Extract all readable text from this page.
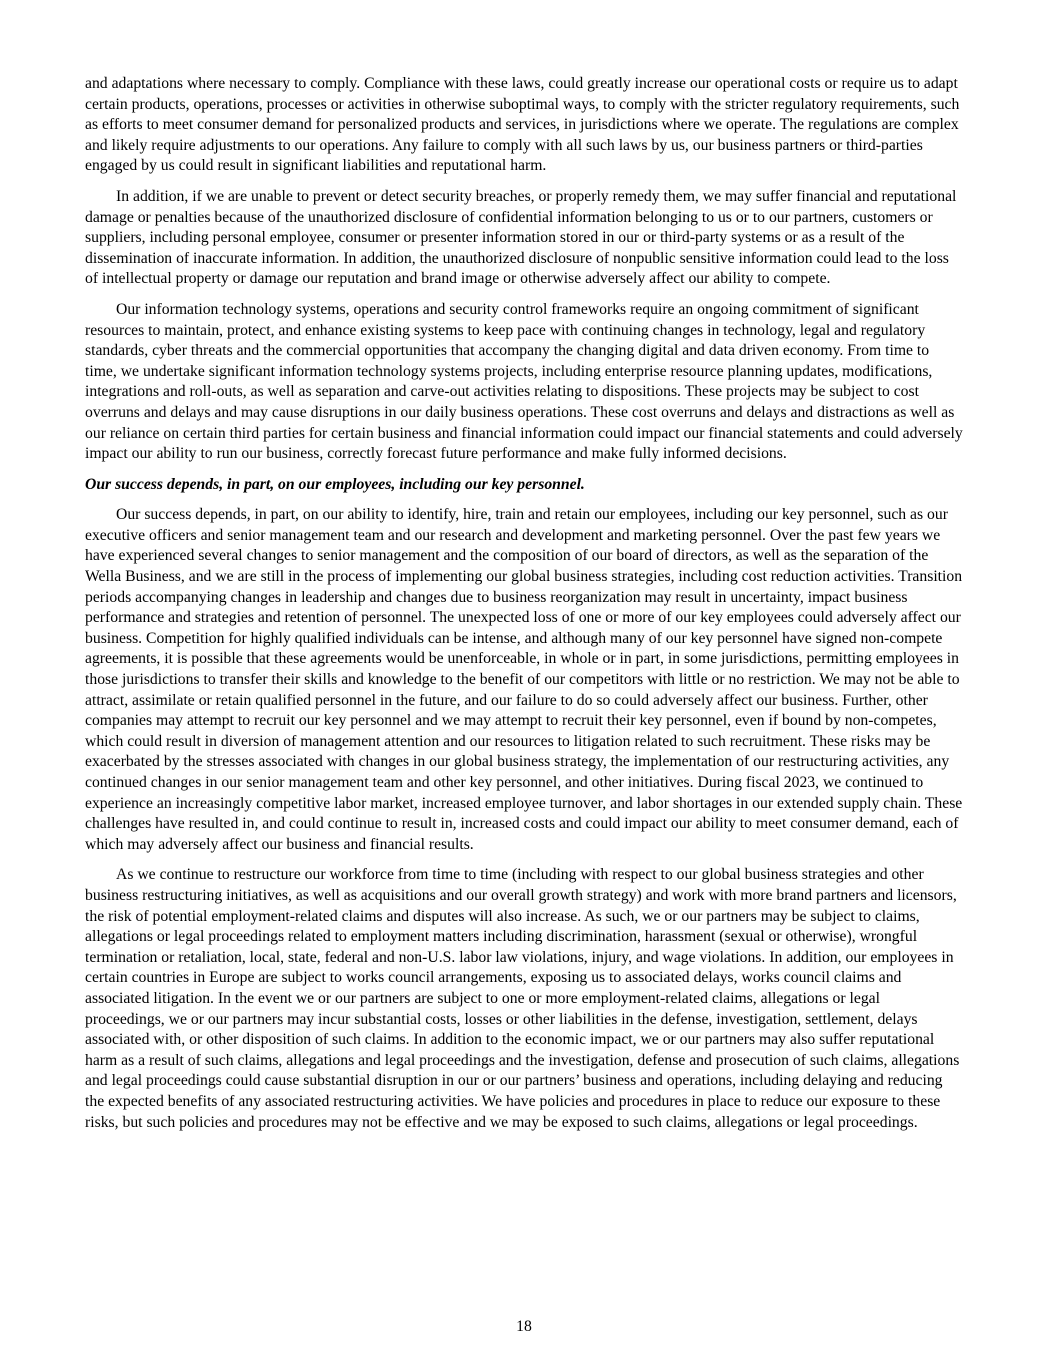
and adaptations where necessary to comply. Compliance with these laws, could greatly increase our operational costs or require us to adapt certain products, operations, processes or activities in otherwise suboptimal ways, to comply with the stricter regulatory requirements, such as efforts to meet consumer demand for personalized products and services, in jurisdictions where we operate. The regulations are complex and likely require adjustments to our operations. Any failure to comply with all such laws by us, our business partners or third-parties engaged by us could result in significant liabilities and reputational harm.

In addition, if we are unable to prevent or detect security breaches, or properly remedy them, we may suffer financial and reputational damage or penalties because of the unauthorized disclosure of confidential information belonging to us or to our partners, customers or suppliers, including personal employee, consumer or presenter information stored in our or third-party systems or as a result of the dissemination of inaccurate information. In addition, the unauthorized disclosure of nonpublic sensitive information could lead to the loss of intellectual property or damage our reputation and brand image or otherwise adversely affect our ability to compete.

Our information technology systems, operations and security control frameworks require an ongoing commitment of significant resources to maintain, protect, and enhance existing systems to keep pace with continuing changes in technology, legal and regulatory standards, cyber threats and the commercial opportunities that accompany the changing digital and data driven economy. From time to time, we undertake significant information technology systems projects, including enterprise resource planning updates, modifications, integrations and roll-outs, as well as separation and carve-out activities relating to dispositions. These projects may be subject to cost overruns and delays and may cause disruptions in our daily business operations. These cost overruns and delays and distractions as well as our reliance on certain third parties for certain business and financial information could impact our financial statements and could adversely impact our ability to run our business, correctly forecast future performance and make fully informed decisions.

Our success depends, in part, on our employees, including our key personnel.

Our success depends, in part, on our ability to identify, hire, train and retain our employees, including our key personnel, such as our executive officers and senior management team and our research and development and marketing personnel. Over the past few years we have experienced several changes to senior management and the composition of our board of directors, as well as the separation of the Wella Business, and we are still in the process of implementing our global business strategies, including cost reduction activities. Transition periods accompanying changes in leadership and changes due to business reorganization may result in uncertainty, impact business performance and strategies and retention of personnel. The unexpected loss of one or more of our key employees could adversely affect our business. Competition for highly qualified individuals can be intense, and although many of our key personnel have signed non-compete agreements, it is possible that these agreements would be unenforceable, in whole or in part, in some jurisdictions, permitting employees in those jurisdictions to transfer their skills and knowledge to the benefit of our competitors with little or no restriction. We may not be able to attract, assimilate or retain qualified personnel in the future, and our failure to do so could adversely affect our business. Further, other companies may attempt to recruit our key personnel and we may attempt to recruit their key personnel, even if bound by non-competes, which could result in diversion of management attention and our resources to litigation related to such recruitment. These risks may be exacerbated by the stresses associated with changes in our global business strategy, the implementation of our restructuring activities, any continued changes in our senior management team and other key personnel, and other initiatives. During fiscal 2023, we continued to experience an increasingly competitive labor market, increased employee turnover, and labor shortages in our extended supply chain. These challenges have resulted in, and could continue to result in, increased costs and could impact our ability to meet consumer demand, each of which may adversely affect our business and financial results.

As we continue to restructure our workforce from time to time (including with respect to our global business strategies and other business restructuring initiatives, as well as acquisitions and our overall growth strategy) and work with more brand partners and licensors, the risk of potential employment-related claims and disputes will also increase. As such, we or our partners may be subject to claims, allegations or legal proceedings related to employment matters including discrimination, harassment (sexual or otherwise), wrongful termination or retaliation, local, state, federal and non-U.S. labor law violations, injury, and wage violations. In addition, our employees in certain countries in Europe are subject to works council arrangements, exposing us to associated delays, works council claims and associated litigation. In the event we or our partners are subject to one or more employment-related claims, allegations or legal proceedings, we or our partners may incur substantial costs, losses or other liabilities in the defense, investigation, settlement, delays associated with, or other disposition of such claims. In addition to the economic impact, we or our partners may also suffer reputational harm as a result of such claims, allegations and legal proceedings and the investigation, defense and prosecution of such claims, allegations and legal proceedings could cause substantial disruption in our or our partners’ business and operations, including delaying and reducing the expected benefits of any associated restructuring activities. We have policies and procedures in place to reduce our exposure to these risks, but such policies and procedures may not be effective and we may be exposed to such claims, allegations or legal proceedings.

18
